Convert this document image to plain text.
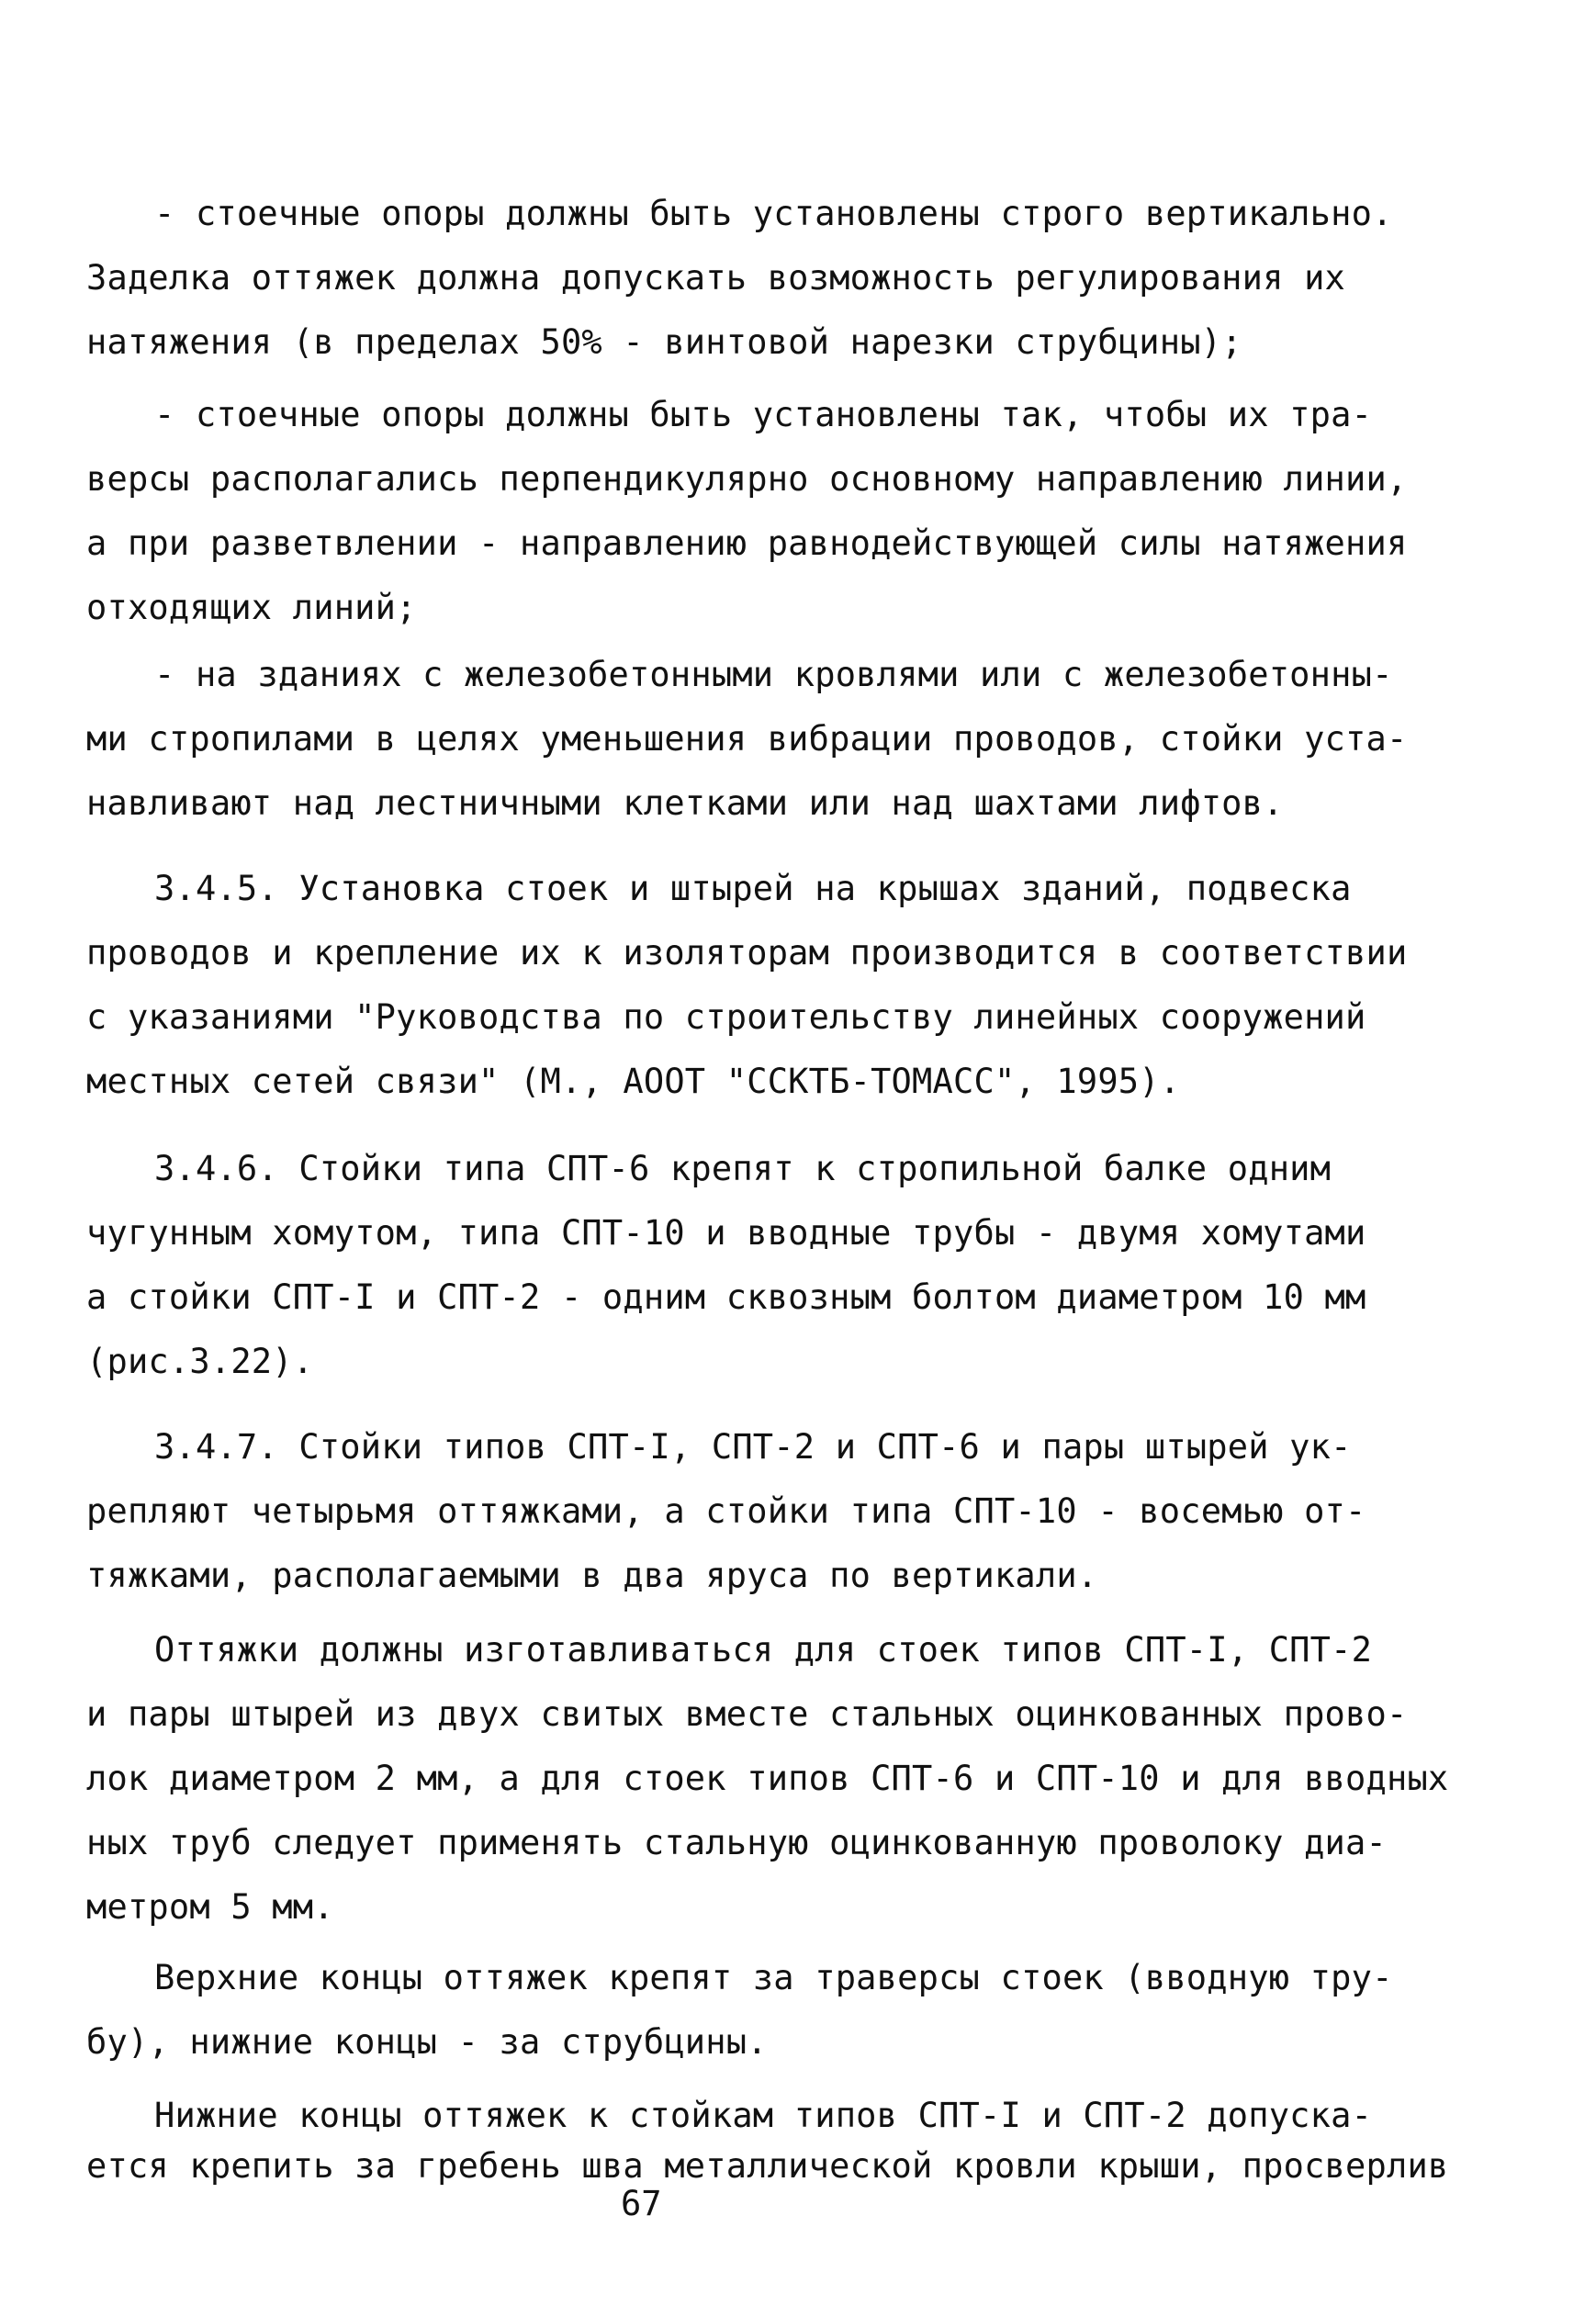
- стоечные опоры должны быть установлены строго вертикально.
Заделка оттяжек должна допускать возможность регулирования их
натяжения (в пределах 50% - винтовой нарезки струбцины);
- стоечные опоры должны быть установлены так, чтобы их тра-
версы располагались перпендикулярно основному направлению линии,
а при разветвлении - направлению равнодействующей силы натяжения
отходящих линий;
- на зданиях с железобетонными кровлями или с железобетонны-
ми стропилами в целях уменьшения вибрации проводов, стойки уста-
навливают над лестничными клетками или над шахтами лифтов.
3.4.5. Установка стоек и штырей на крышах зданий, подвеска
проводов и крепление их к изоляторам производится в соответствии
с указаниями "Руководства по строительству линейных сооружений
местных сетей связи" (М., АООТ "ССКТБ-ТОМАСС", 1995).
3.4.6. Стойки типа СПТ-6 крепят к стропильной балке одним
чугунным хомутом, типа СПТ-10 и вводные трубы - двумя хомутами
а стойки СПТ-I и СПТ-2 - одним сквозным болтом диаметром 10 мм
(рис.3.22).
3.4.7. Стойки типов СПТ-I, СПТ-2 и СПТ-6 и пары штырей ук-
репляют четырьмя оттяжками, а стойки типа СПТ-10 - восемью от-
тяжками, располагаемыми в два яруса по вертикали.
Оттяжки должны изготавливаться для стоек типов СПТ-I, СПТ-2
и пары штырей из двух свитых вместе стальных оцинкованных прово-
лок диаметром 2 мм, а для стоек типов СПТ-6 и СПТ-10 и для вводных
ных труб следует применять стальную оцинкованную проволоку диа-
метром 5 мм.
Верхние концы оттяжек крепят за траверсы стоек (вводную тру-
бу), нижние концы - за струбцины.
Нижние концы оттяжек к стойкам типов СПТ-I и СПТ-2 допуска-
ется крепить за гребень шва металлической кровли крыши, просверлив
67
